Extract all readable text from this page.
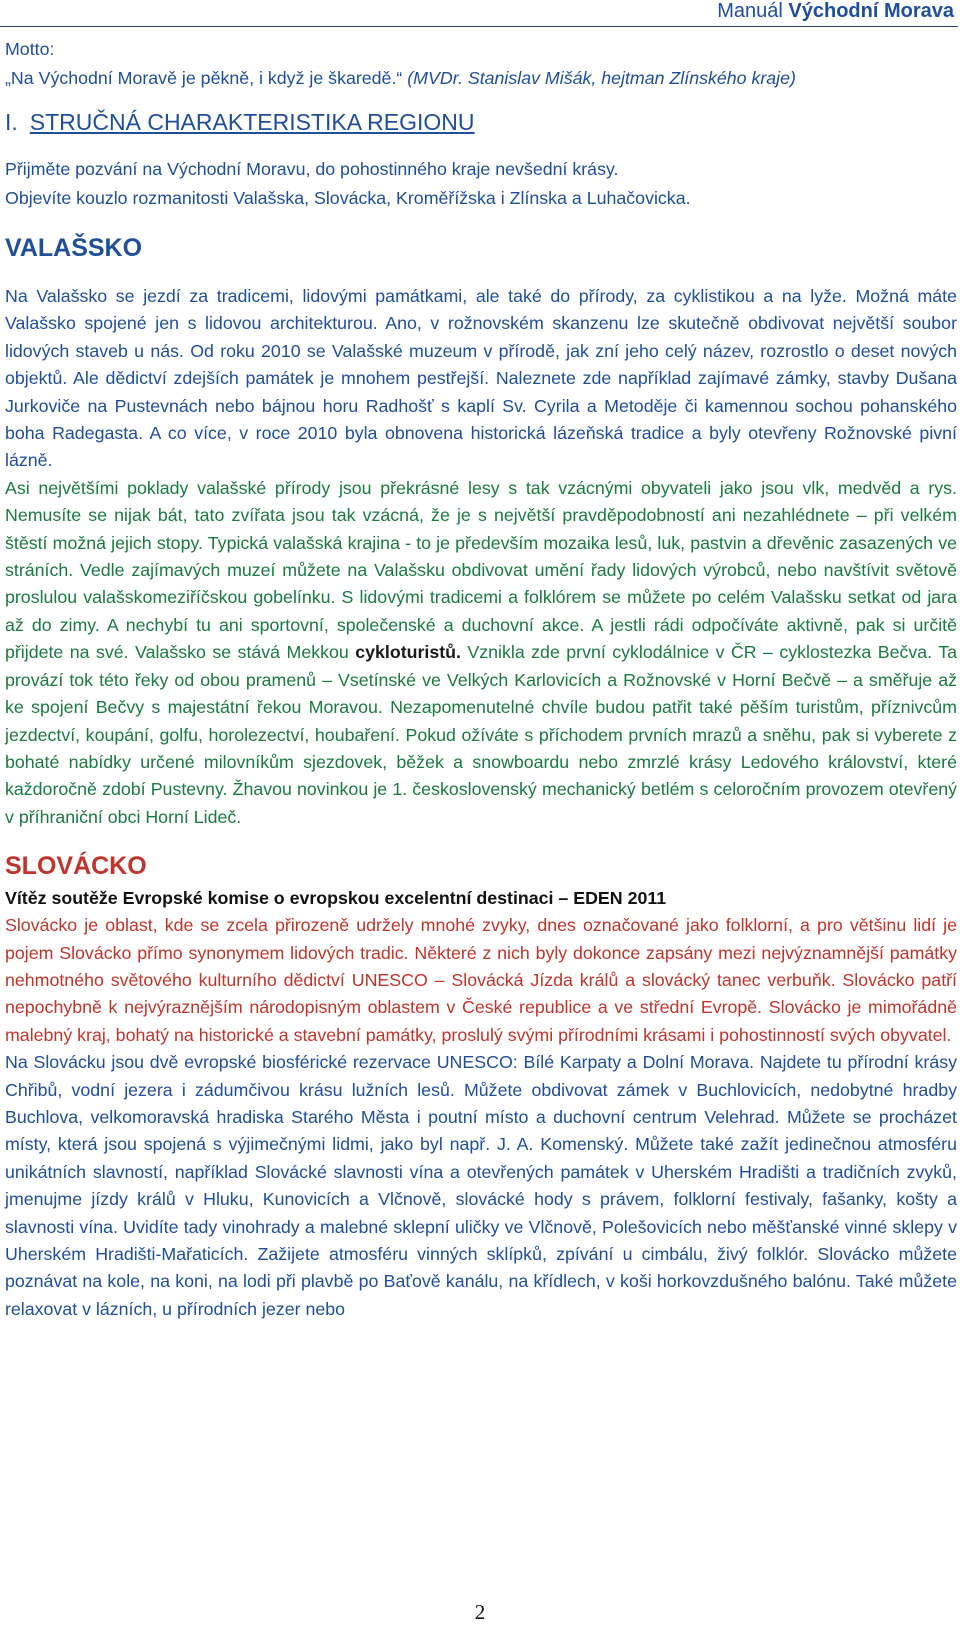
Manuál Východní Morava
Motto:
„Na Východní Moravě je pěkně, i když je škaredě.“ (MVDr. Stanislav Mišák, hejtman Zlínského kraje)
I. STRUČNÁ CHARAKTERISTIKA REGIONU

Přijměte pozvání na Východní Moravu, do pohostinného kraje nevšední krásy.

Objevíte kouzlo rozmanitosti Valašska, Slovácka, Kroměřížska i Zlínska a Luhačovicka.

VALAŠSKO

Na Valašsko se jezdí za tradicemi, lidovými památkami, ale také do přírody, za cyklistikou a na lyže. Možná máte Valašsko spojené jen s lidovou architekturou. Ano, v rožnovském skanzenu lze skutečně obdivovat největší soubor lidových staveb u nás. Od roku 2010 se Valašské muzeum v přírodě, jak zní jeho celý název, rozrostlo o deset nových objektů. Ale dědictví zdejších památek je mnohem pestřejší. Naleznete zde například zajímavé zámky, stavby Dušana Jurkoviče na Pustevnách nebo bájnou horu Radhošť s kaplí Sv. Cyrila a Metoděje či kamennou sochou pohanského boha Radegasta. A co více, v roce 2010 byla obnovena historická lázeňská tradice a byly otevřeny Rožnovské pivní lázně.

Asi největšími poklady valašské přírody jsou překrásné lesy s tak vzácnými obyvateli jako jsou vlk, medvěd a rys. Nemusíte se nijak bát, tato zvířata jsou tak vzácná, že je s největší pravděpodobností ani nezahlédnete – při velkém štěstí možná jejich stopy. Typická valašská krajina - to je především mozaika lesů, luk, pastvin a dřevěnic zasazených ve stráních. Vedle zajímavých muzeí můžete na Valašsku obdivovat umění řady lidových výrobců, nebo navštívit světově proslulou valašskomeziříčskou gobelínku. S lidovými tradicemi a folklórem se můžete po celém Valašsku setkat od jara až do zimy. A nechybí tu ani sportovní, společenské a duchovní akce. A jestli rádi odpočíváte aktivně, pak si určitě přijdete na své. Valašsko se stává Mekkou cykloturistů. Vznikla zde první cyklodálnice v ČR – cyklostezka Bečva. Ta provází tok této řeky od obou pramenů – Vsetínské ve Velkých Karlovicích a Rožnovské v Horní Bečvě – a směřuje až ke spojení Bečvy s majestátní řekou Moravou. Nezapomenutelné chvíle budou patřit také pěším turistům, příznivcům jezdectví, koupání, golfu, horolezectví, houbaření. Pokud ožíváte s příchodem prvních mrazů a sněhu, pak si vyberete z bohaté nabídky určené milovníkům sjezdovek, běžek a snowboardu nebo zmrzlé krásy Ledového království, které každoročně zdobí Pustevny. Žhavou novinkou je 1. československý mechanický betlém s celoročním provozem otevřený v příhraniční obci Horní Lideč.

SLOVÁCKO

Vítěz soutěže Evropské komise o evropskou excelentní destinaci – EDEN 2011

Slovácko je oblast, kde se zcela přirozeně udržely mnohé zvyky, dnes označované jako folklorní, a pro většinu lidí je pojem Slovácko přímo synonymem lidových tradic. Některé z nich byly dokonce zapsány mezi nejvýznamnější památky nehmotného světového kulturního dědictví UNESCO – Slovácká Jízda králů a slovácký tanec verbuňk. Slovácko patří nepochybně k nejvýraznějším národopisným oblastem v České republice a ve střední Evropě. Slovácko je mimořádně malebný kraj, bohatý na historické a stavební památky, proslulý svými přírodními krásami i pohostinností svých obyvatel.

Na Slovácku jsou dvě evropské biosférické rezervace UNESCO: Bílé Karpaty a Dolní Morava. Najdete tu přírodní krásy Chřibů, vodní jezera i zádumčivou krásu lužních lesů. Můžete obdivovat zámek v Buchlovicích, nedobytné hradby Buchlova, velkomoravská hradiska Starého Města i poutní místo a duchovní centrum Velehrad. Můžete se procházet místy, která jsou spojená s výjimečnými lidmi, jako byl např. J. A. Komenský. Můžete také zažít jedinečnou atmosféru unikátních slavností, například Slovácké slavnosti vína a otevřených památek v Uherském Hradišti a tradičních zvyků, jmenujme jízdy králů v Hluku, Kunovicích a Vlčnově, slovácké hody s právem, folklorní festivaly, fašanky, košty a slavnosti vína. Uvidíte tady vinohrady a malebné sklepní uličky ve Vlčnově, Polešovicích nebo měšťanské vinné sklepy v Uherském Hradišti-Mařaticích. Zažijete atmosféru vinných sklípků, zpívání u cimbálu, živý folklór. Slovácko můžete poznávat na kole, na koni, na lodi při plavbě po Baťově kanálu, na křídlech, v koši horkovzdušného balónu. Také můžete relaxovat v lázních, u přírodních jezer nebo

2
